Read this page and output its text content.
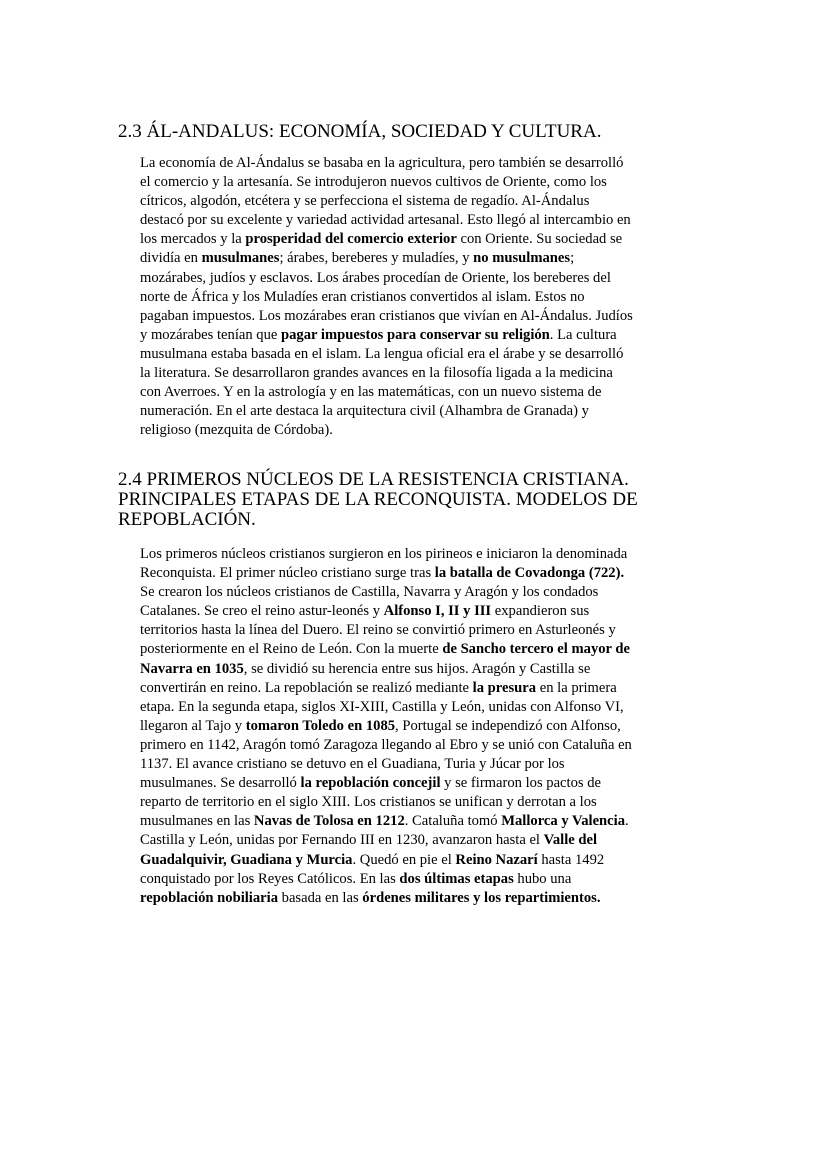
2.3 ÁL-ANDALUS: ECONOMÍA, SOCIEDAD Y CULTURA.
La economía de Al-Ándalus se basaba en la agricultura, pero también se desarrolló
el comercio y la artesanía. Se introdujeron nuevos cultivos de Oriente, como los
cítricos, algodón, etcétera y se perfecciona el sistema de regadío. Al-Ándalus
destacó por su excelente y variedad actividad artesanal. Esto llegó al intercambio en
los mercados y la prosperidad del comercio exterior con Oriente. Su sociedad se
dividía en musulmanes; árabes, bereberes y muladíes, y no musulmanes;
mozárabes, judíos y esclavos. Los árabes procedían de Oriente, los bereberes del
norte de África y los Muladíes eran cristianos convertidos al islam. Estos no
pagaban impuestos. Los mozárabes eran cristianos que vivían en Al-Ándalus. Judíos
y mozárabes tenían que pagar impuestos para conservar su religión. La cultura
musulmana estaba basada en el islam. La lengua oficial era el árabe y se desarrolló
la literatura. Se desarrollaron grandes avances en la filosofía ligada a la medicina
con Averroes. Y en la astrología y en las matemáticas, con un nuevo sistema de
numeración. En el arte destaca la arquitectura civil (Alhambra de Granada) y
religioso (mezquita de Córdoba).
2.4 PRIMEROS NÚCLEOS DE LA RESISTENCIA CRISTIANA.
PRINCIPALES ETAPAS DE LA RECONQUISTA. MODELOS DE
REPOBLACIÓN.
Los primeros núcleos cristianos surgieron en los pirineos e iniciaron la denominada
Reconquista. El primer núcleo cristiano surge tras la batalla de Covadonga (722).
Se crearon los núcleos cristianos de Castilla, Navarra y Aragón y los condados
Catalanes. Se creo el reino astur-leonés y Alfonso I, II y III expandieron sus
territorios hasta la línea del Duero. El reino se convirtió primero en Asturleonés y
posteriormente en el Reino de León. Con la muerte de Sancho tercero el mayor de
Navarra en 1035, se dividió su herencia entre sus hijos. Aragón y Castilla se
convertirán en reino. La repoblación se realizó mediante la presura en la primera
etapa. En la segunda etapa, siglos XI-XIII, Castilla y León, unidas con Alfonso VI,
llegaron al Tajo y tomaron Toledo en 1085, Portugal se independizó con Alfonso,
primero en 1142, Aragón tomó Zaragoza llegando al Ebro y se unió con Cataluña en
1137. El avance cristiano se detuvo en el Guadiana, Turia y Júcar por los
musulmanes. Se desarrolló la repoblación concejil y se firmaron los pactos de
reparto de territorio en el siglo XIII. Los cristianos se unifican y derrotan a los
musulmanes en las Navas de Tolosa en 1212. Cataluña tomó Mallorca y Valencia.
Castilla y León, unidas por Fernando III en 1230, avanzaron hasta el Valle del
Guadalquivir, Guadiana y Murcia. Quedó en pie el Reino Nazarí hasta 1492
conquistado por los Reyes Católicos. En las dos últimas etapas hubo una
repoblación nobiliaria basada en las órdenes militares y los repartimientos.
